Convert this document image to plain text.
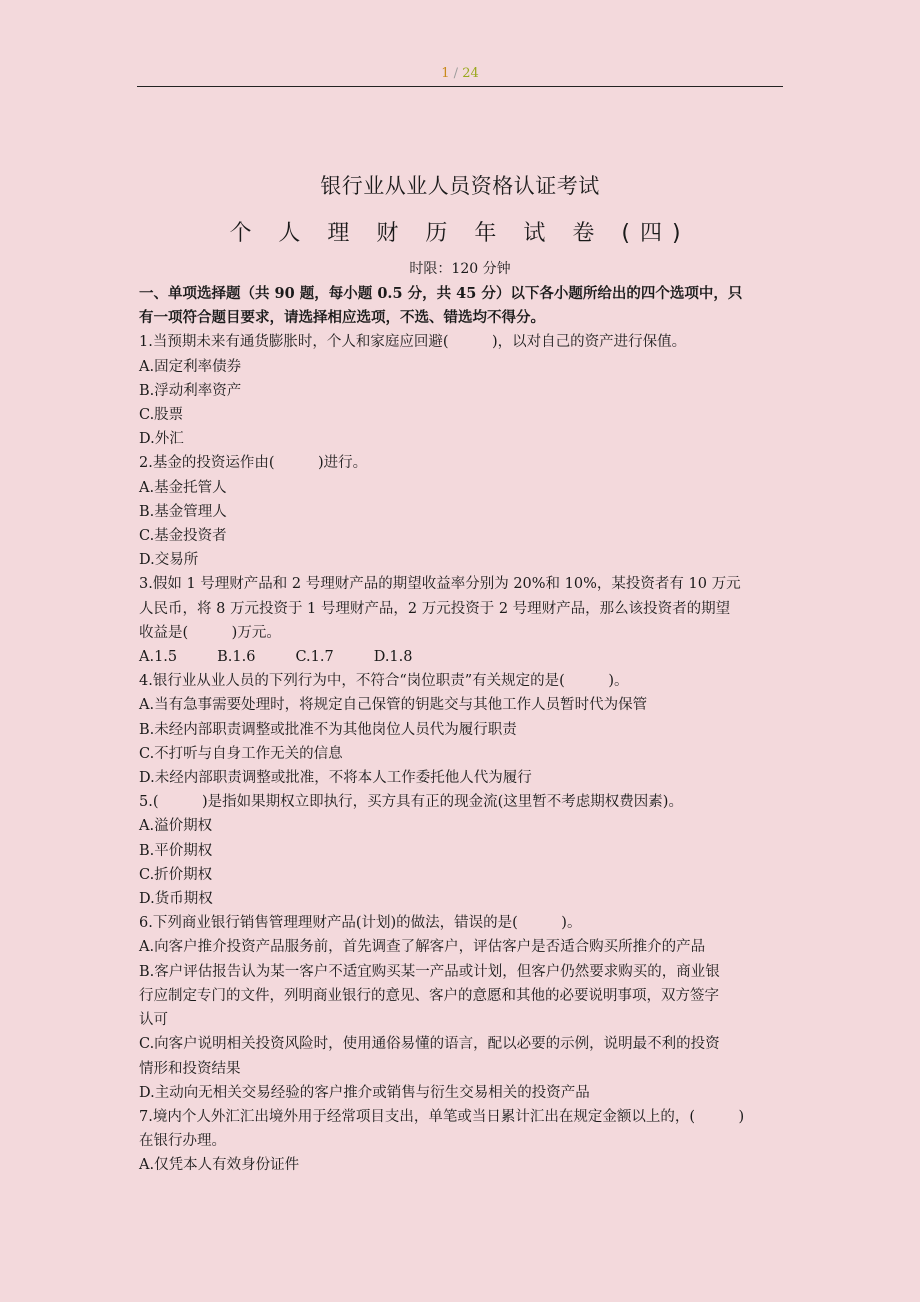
1 / 24
银行业从业人员资格认证考试
个 人 理 财 历 年 试 卷 (四)
时限：120 分钟

一、单项选择题（共 90 题，每小题 0.5 分，共 45 分）以下各小题所给出的四个选项中，只

有一项符合题目要求，请选择相应选项，不选、错选均不得分。

1.当预期未来有通货膨胀时，个人和家庭应回避(　　　)，以对自己的资产进行保值。

A.固定利率债券

B.浮动利率资产

C.股票

D.外汇

2.基金的投资运作由(　　　)进行。

A.基金托管人

B.基金管理人

C.基金投资者

D.交易所

3.假如 1 号理财产品和 2 号理财产品的期望收益率分别为 20%和 10%，某投资者有 10 万元

人民币，将 8 万元投资于 1 号理财产品，2 万元投资于 2 号理财产品，那么该投资者的期望

收益是(　　　)万元。

A.1.5	B.1.6	C.1.7	D.1.8

4.银行业从业人员的下列行为中，不符合“岗位职责”有关规定的是(　　　)。

A.当有急事需要处理时，将规定自己保管的钥匙交与其他工作人员暂时代为保管

B.未经内部职责调整或批准不为其他岗位人员代为履行职责

C.不打听与自身工作无关的信息

D.未经内部职责调整或批准，不将本人工作委托他人代为履行

5.(　　　)是指如果期权立即执行，买方具有正的现金流(这里暂不考虑期权费因素)。

A.溢价期权

B.平价期权

C.折价期权

D.货币期权

6.下列商业银行销售管理理财产品(计划)的做法，错误的是(　　　)。

A.向客户推介投资产品服务前，首先调查了解客户，评估客户是否适合购买所推介的产品

B.客户评估报告认为某一客户不适宜购买某一产品或计划，但客户仍然要求购买的，商业银

行应制定专门的文件，列明商业银行的意见、客户的意愿和其他的必要说明事项，双方签字

认可

C.向客户说明相关投资风险时，使用通俗易懂的语言，配以必要的示例，说明最不利的投资

情形和投资结果

D.主动向无相关交易经验的客户推介或销售与衍生交易相关的投资产品

7.境内个人外汇汇出境外用于经常项目支出，单笔或当日累计汇出在规定金额以上的，(　　　)

在银行办理。

A.仅凭本人有效身份证件
